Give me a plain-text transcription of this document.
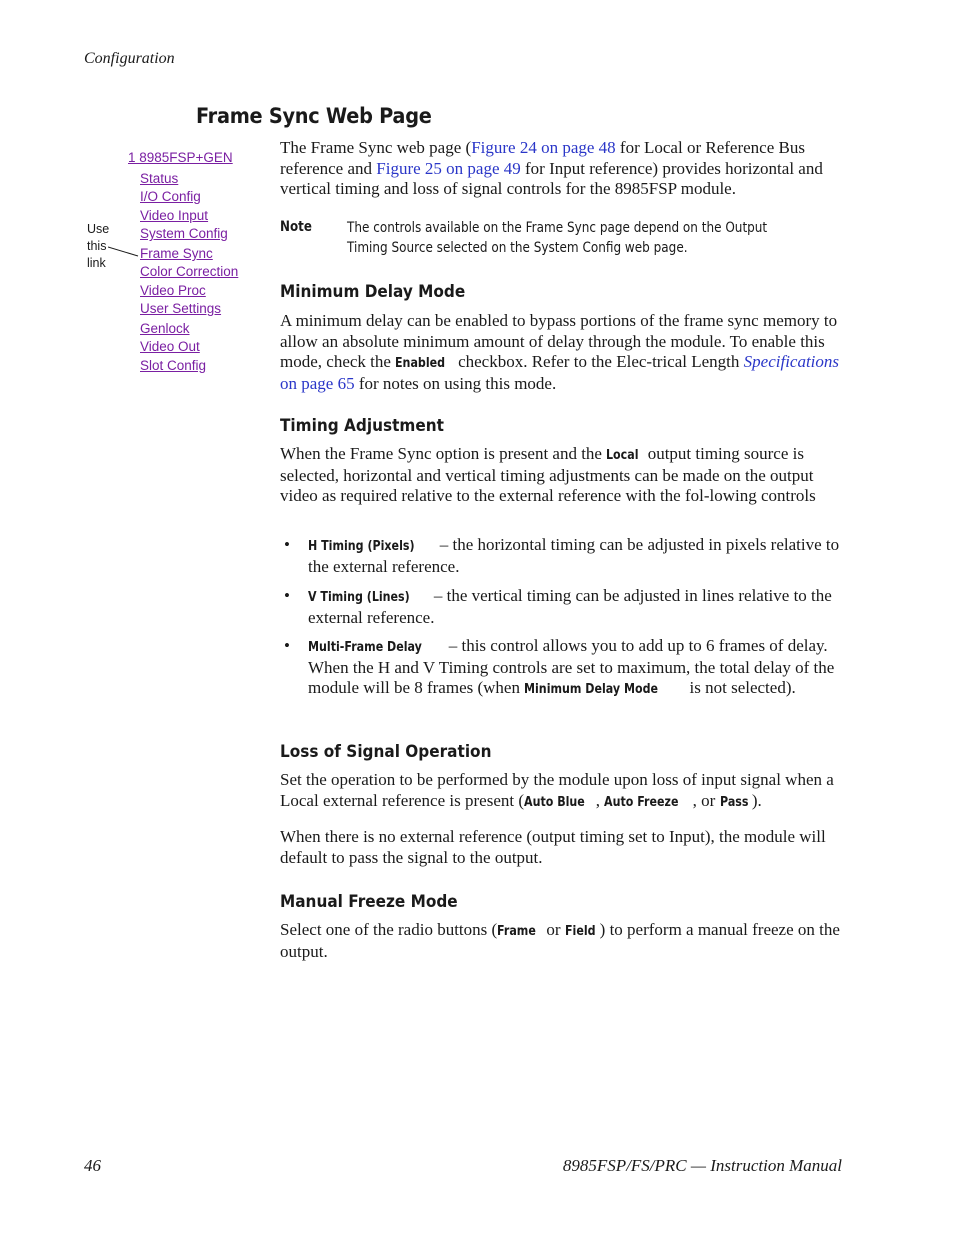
Configuration
Frame Sync Web Page
1 8985FSP+GEN
Status
I/O Config
Video Input
System Config
Frame Sync
Color Correction
Video Proc
User Settings
Genlock
Video Out
Slot Config
Use
this
link
The Frame Sync web page (Figure 24 on page 48 for Local or Reference Bus reference and Figure 25 on page 49 for Input reference) provides horizontal and vertical timing and loss of signal controls for the 8985FSP module.
Note	The controls available on the Frame Sync page depend on the Output Timing Source selected on the System Config web page.
Minimum Delay Mode
A minimum delay can be enabled to bypass portions of the frame sync memory to allow an absolute minimum amount of delay through the module. To enable this mode, check the Enabled checkbox. Refer to the Elec-trical Length Specifications on page 65 for notes on using this mode.
Timing Adjustment
When the Frame Sync option is present and the Local output timing source is selected, horizontal and vertical timing adjustments can be made on the output video as required relative to the external reference with the fol-lowing controls
• H Timing (Pixels) – the horizontal timing can be adjusted in pixels relative to the external reference.
• V Timing (Lines) – the vertical timing can be adjusted in lines relative to the external reference.
• Multi-Frame Delay – this control allows you to add up to 6 frames of delay. When the H and V Timing controls are set to maximum, the total delay of the module will be 8 frames (when Minimum Delay Mode is not selected).
Loss of Signal Operation
Set the operation to be performed by the module upon loss of input signal when a Local external reference is present (Auto Blue , Auto Freeze , or Pass ).
When there is no external reference (output timing set to Input), the module will default to pass the signal to the output.
Manual Freeze Mode
Select one of the radio buttons (Frame or Field ) to perform a manual freeze on the output.
46	8985FSP/FS/PRC — Instruction Manual
